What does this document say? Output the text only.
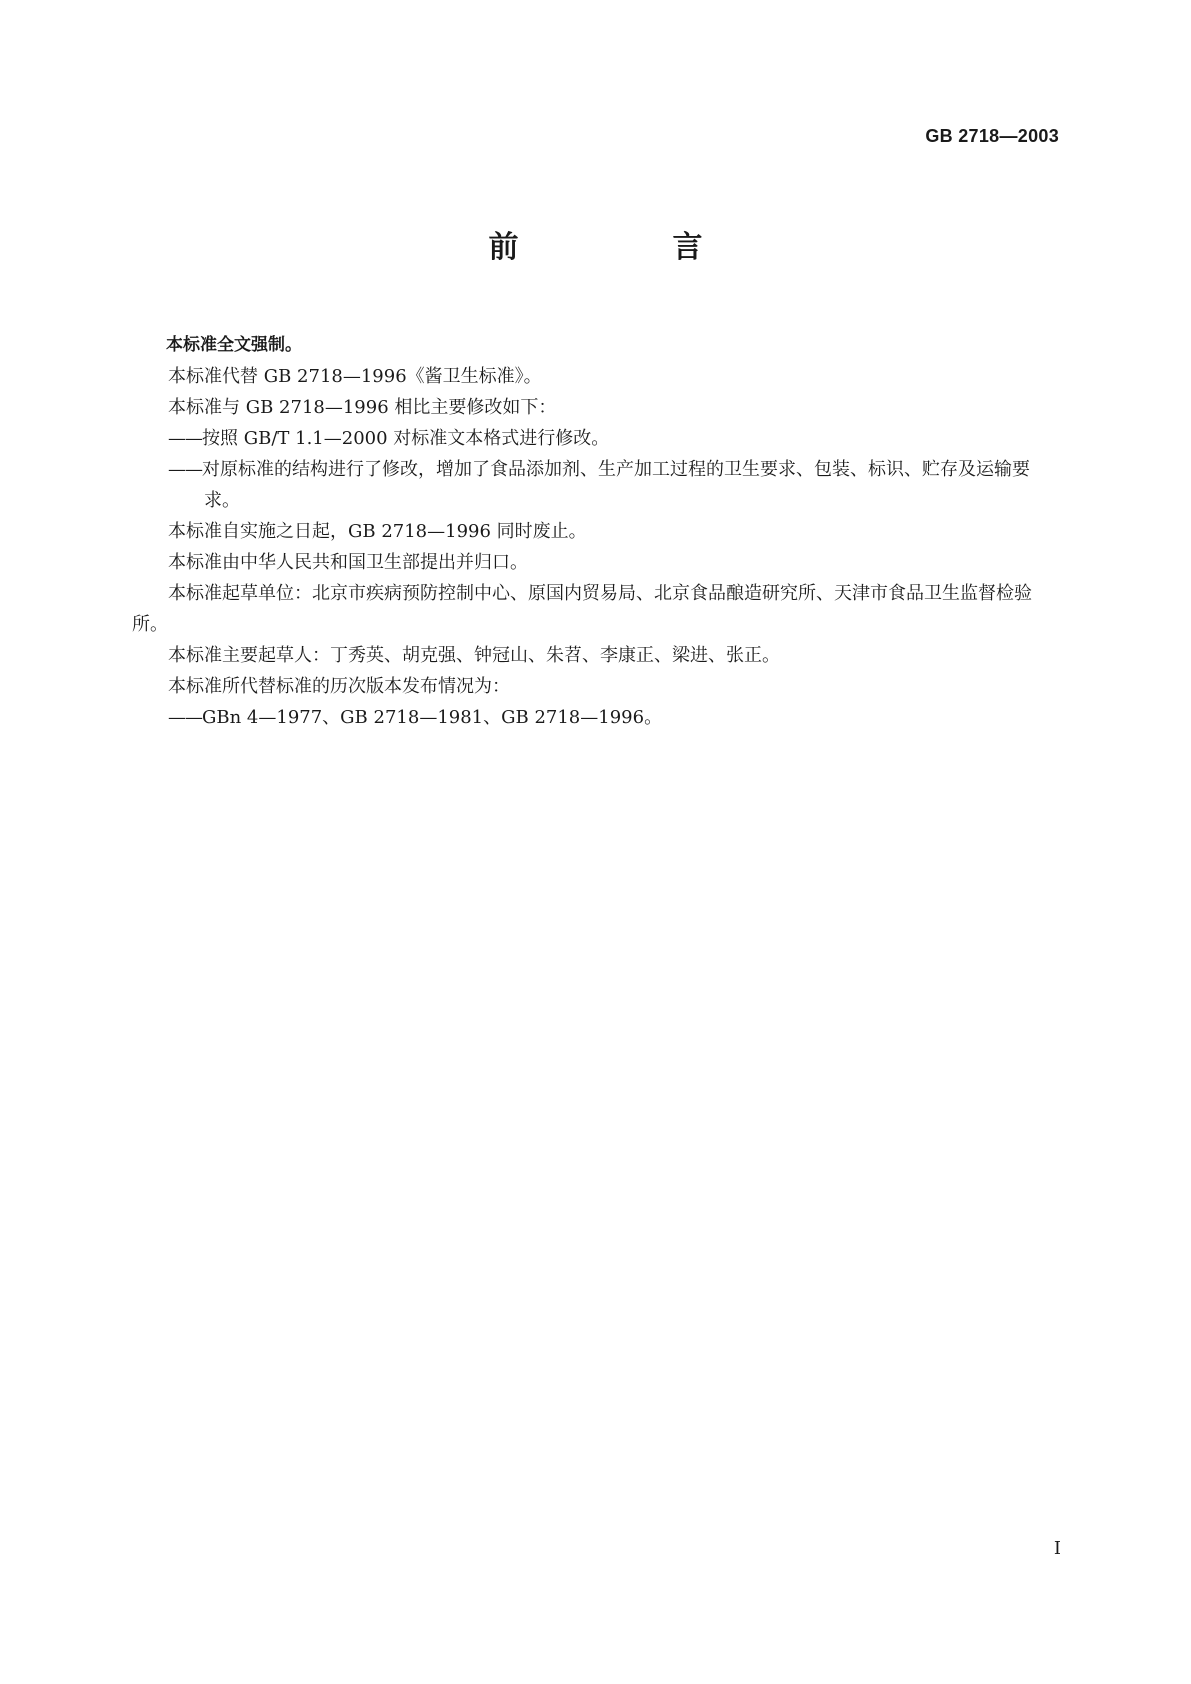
GB 2718—2003
前　言

本标准全文强制。

本标准代替 GB 2718—1996《酱卫生标准》。

本标准与 GB 2718—1996 相比主要修改如下：

——按照 GB/T 1.1—2000 对标准文本格式进行修改。

——对原标准的结构进行了修改，增加了食品添加剂、生产加工过程的卫生要求、包装、标识、贮存及运输要求。

本标准自实施之日起，GB 2718—1996 同时废止。

本标准由中华人民共和国卫生部提出并归口。

本标准起草单位：北京市疾病预防控制中心、原国内贸易局、北京食品酿造研究所、天津市食品卫生监督检验所。

本标准主要起草人：丁秀英、胡克强、钟冠山、朱苕、李康正、梁进、张正。

本标准所代替标准的历次版本发布情况为：

——GBn 4—1977、GB 2718—1981、GB 2718—1996。

I
